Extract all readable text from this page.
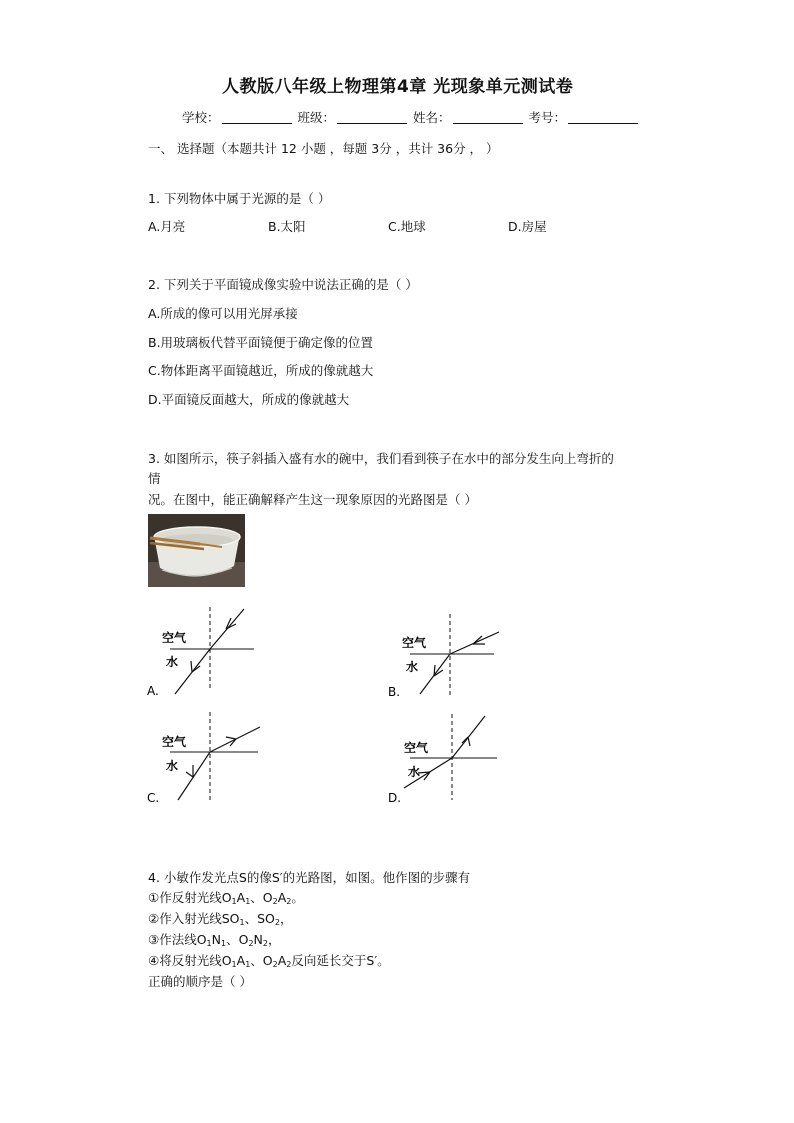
人教版八年级上物理第4章 光现象单元测试卷
学校：	班级：	姓名：	考号：
一、 选择题（本题共计 12 小题 ，每题 3分 ，共计 36分 ， ）
1. 下列物体中属于光源的是（ ）
A.月亮	B.太阳	C.地球	D.房屋
2. 下列关于平面镜成像实验中说法正确的是（ ）
A.所成的像可以用光屏承接
B.用玻璃板代替平面镜便于确定像的位置
C.物体距离平面镜越近，所成的像就越大
D.平面镜反面越大，所成的像就越大
3. 如图所示，筷子斜插入盛有水的碗中，我们看到筷子在水中的部分发生向上弯折的
情
况。在图中，能正确解释产生这一现象原因的光路图是（ ）
空气
水
A.
空气
水
B.
空气
水
C.
空气
水
D.
4. 小敏作发光点S的像S′的光路图，如图。他作图的步骤有
①作反射光线$O_1A_1$、$O_2A_2$。
②作入射光线$SO_1$、$SO_2$，
③作法线$O_1N_1$、$O_2N_2$，
④将反射光线$O_1A_1$、$O_2A_2$反向延长交于S′。
正确的顺序是（ ）
